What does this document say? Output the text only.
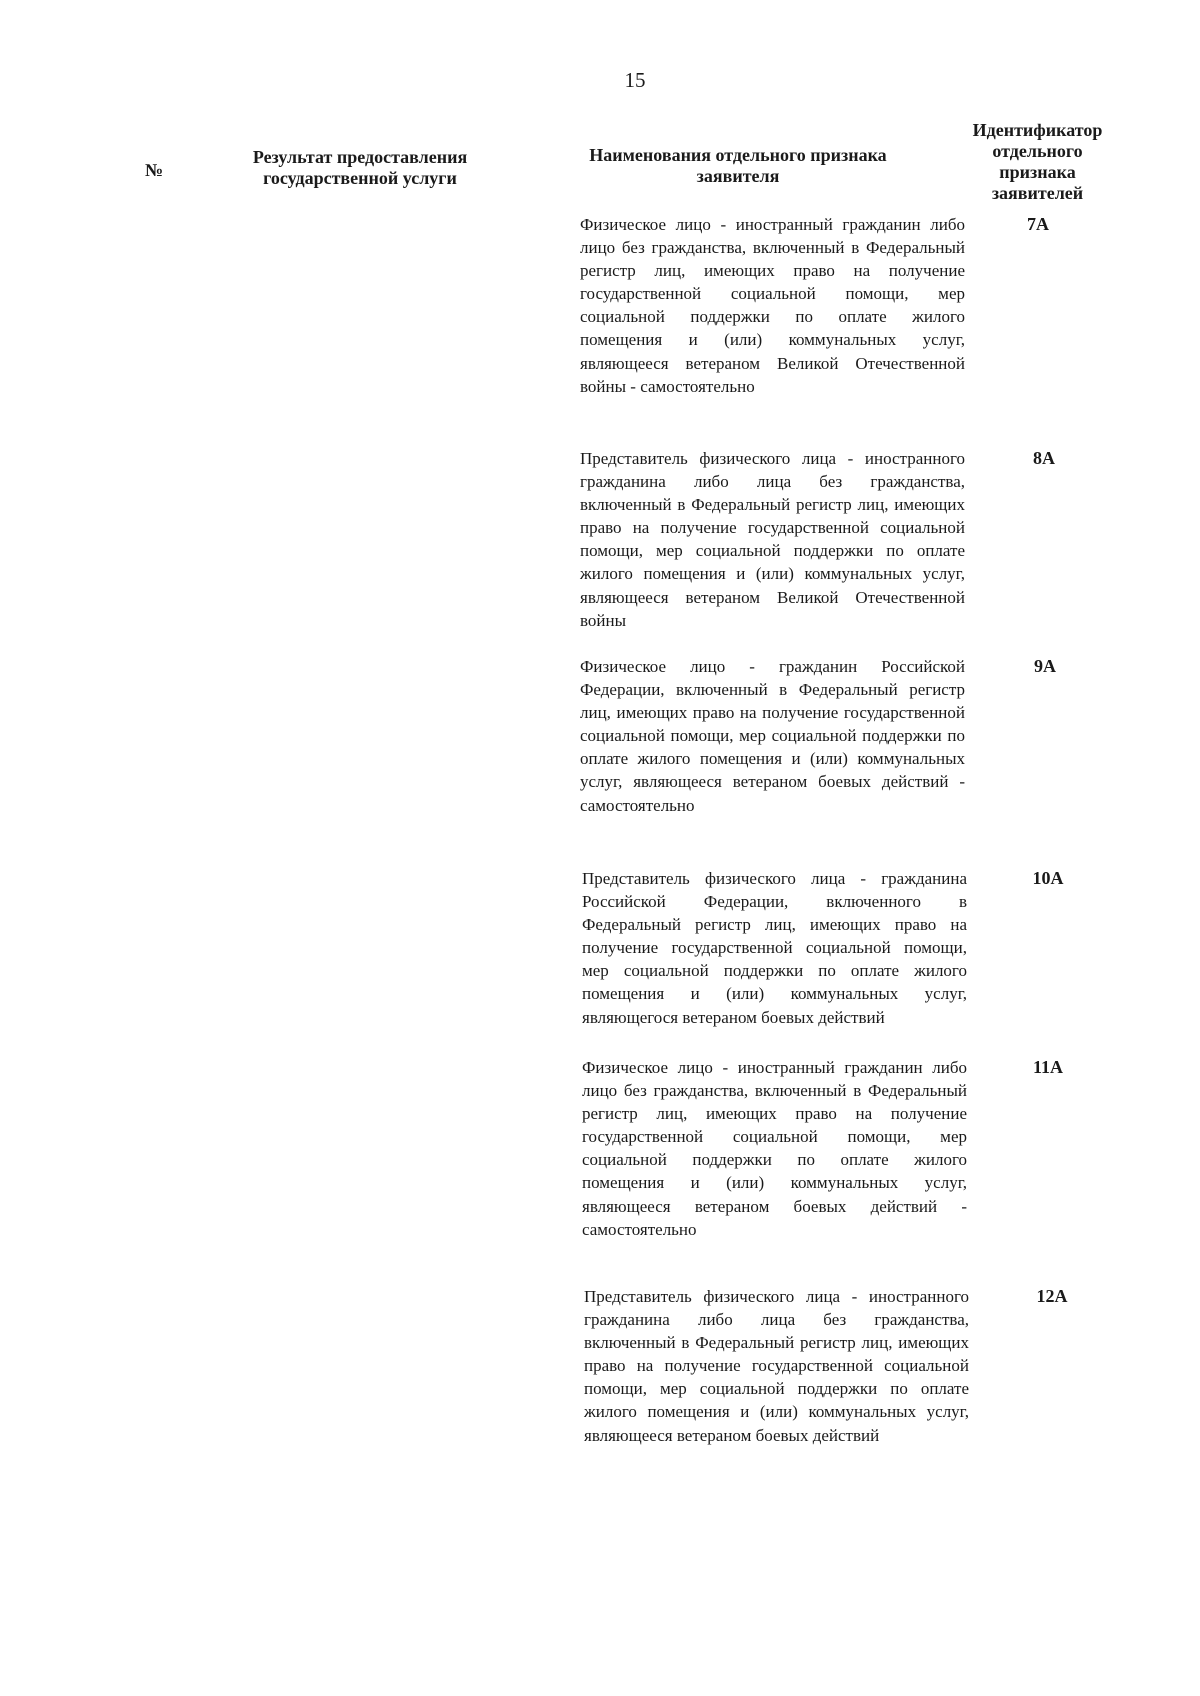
15
№
Результат предоставления государственной услуги
Наименования отдельного признака заявителя
Идентификатор отдельного признака заявителей
Физическое лицо - иностранный гражданин либо лицо без гражданства, включенный в Федеральный регистр лиц, имеющих право на получение государственной социальной помощи, мер социальной поддержки по оплате жилого помещения и (или) коммунальных услуг, являющееся ветераном Великой Отечественной войны - самостоятельно
7А
Представитель физического лица - иностранного гражданина либо лица без гражданства, включенный в Федеральный регистр лиц, имеющих право на получение государственной социальной помощи, мер социальной поддержки по оплате жилого помещения и (или) коммунальных услуг, являющееся ветераном Великой Отечественной войны
8А
Физическое лицо - гражданин Российской Федерации, включенный в Федеральный регистр лиц, имеющих право на получение государственной социальной помощи, мер социальной поддержки по оплате жилого помещения и (или) коммунальных услуг, являющееся ветераном боевых действий - самостоятельно
9А
Представитель физического лица - гражданина Российской Федерации, включенного в Федеральный регистр лиц, имеющих право на получение государственной социальной помощи, мер социальной поддержки по оплате жилого помещения и (или) коммунальных услуг, являющегося ветераном боевых действий
10А
Физическое лицо - иностранный гражданин либо лицо без гражданства, включенный в Федеральный регистр лиц, имеющих право на получение государственной социальной помощи, мер социальной поддержки по оплате жилого помещения и (или) коммунальных услуг, являющееся ветераном боевых действий - самостоятельно
11А
Представитель физического лица - иностранного гражданина либо лица без гражданства, включенный в Федеральный регистр лиц, имеющих право на получение государственной социальной помощи, мер социальной поддержки по оплате жилого помещения и (или) коммунальных услуг, являющееся ветераном боевых действий
12А
